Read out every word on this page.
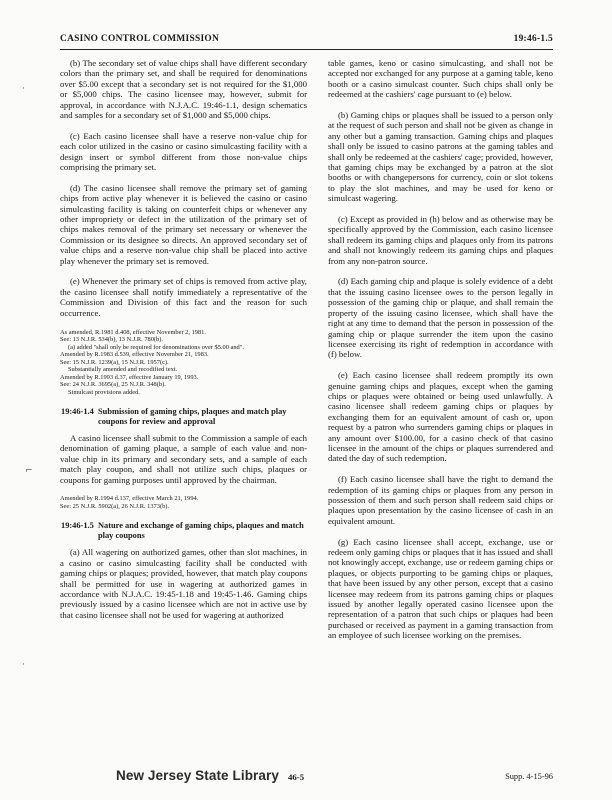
CASINO CONTROL COMMISSION	19:46-1.5
·
⌐
·

(b) The secondary set of value chips shall have different secondary colors than the primary set, and shall be required for denominations over $5.00 except that a secondary set is not required for the $1,000 or $5,000 chips. The casino licensee may, however, submit for approval, in accordance with N.J.A.C. 19:46-1.1, design schematics and samples for a secondary set of $1,000 and $5,000 chips.

(c) Each casino licensee shall have a reserve non-value chip for each color utilized in the casino or casino simulcasting facility with a design insert or symbol different from those non-value chips comprising the primary set.

(d) The casino licensee shall remove the primary set of gaming chips from active play whenever it is believed the casino or casino simulcasting facility is taking on counterfeit chips or whenever any other impropriety or defect in the utilization of the primary set of chips makes removal of the primary set necessary or whenever the Commission or its designee so directs. An approved secondary set of value chips and a reserve non-value chip shall be placed into active play whenever the primary set is removed.

(e) Whenever the primary set of chips is removed from active play, the casino licensee shall notify immediately a representative of the Commission and Division of this fact and the reason for such occurrence.

As amended, R.1981 d.408, effective November 2, 1981.

See: 13 N.J.R. 534(b), 13 N.J.R. 780(b).

(a) added "shall only be required for denominations over $5.00 and".

Amended by R.1983 d.539, effective November 21, 1983.

See: 15 N.J.R. 1239(a), 15 N.J.R. 1957(c).

Substantially amended and recodified text.

Amended by R.1993 d.37, effective January 19, 1993.

See: 24 N.J.R. 3695(a), 25 N.J.R. 348(b).

Simulcast provisions added.

19:46-1.4 Submission of gaming chips, plaques and match play coupons for review and approval

A casino licensee shall submit to the Commission a sample of each denomination of gaming plaque, a sample of each value and non-value chip in its primary and secondary sets, and a sample of each match play coupon, and shall not utilize such chips, plaques or coupons for gaming purposes until approved by the chairman.

Amended by R.1994 d.137, effective March 21, 1994.

See: 25 N.J.R. 5902(a), 26 N.J.R. 1373(b).

19:46-1.5 Nature and exchange of gaming chips, plaques and match play coupons

(a) All wagering on authorized games, other than slot machines, in a casino or casino simulcasting facility shall be conducted with gaming chips or plaques; provided, however, that match play coupons shall be permitted for use in wagering at authorized games in accordance with N.J.A.C. 19:45-1.18 and 19:45-1.46. Gaming chips previously issued by a casino licensee which are not in active use by that casino licensee shall not be used for wagering at authorized

table games, keno or casino simulcasting, and shall not be accepted nor exchanged for any purpose at a gaming table, keno booth or a casino simulcast counter. Such chips shall only be redeemed at the cashiers' cage pursuant to (e) below.

(b) Gaming chips or plaques shall be issued to a person only at the request of such person and shall not be given as change in any other but a gaming transaction. Gaming chips and plaques shall only be issued to casino patrons at the gaming tables and shall only be redeemed at the cashiers' cage; provided, however, that gaming chips may be exchanged by a patron at the slot booths or with changepersons for currency, coin or slot tokens to play the slot machines, and may be used for keno or simulcast wagering.

(c) Except as provided in (h) below and as otherwise may be specifically approved by the Commission, each casino licensee shall redeem its gaming chips and plaques only from its patrons and shall not knowingly redeem its gaming chips and plaques from any non-patron source.

(d) Each gaming chip and plaque is solely evidence of a debt that the issuing casino licensee owes to the person legally in possession of the gaming chip or plaque, and shall remain the property of the issuing casino licensee, which shall have the right at any time to demand that the person in possession of the gaming chip or plaque surrender the item upon the casino licensee exercising its right of redemption in accordance with (f) below.

(e) Each casino licensee shall redeem promptly its own genuine gaming chips and plaques, except when the gaming chips or plaques were obtained or being used unlawfully. A casino licensee shall redeem gaming chips or plaques by exchanging them for an equivalent amount of cash or, upon request by a patron who surrenders gaming chips or plaques in any amount over $100.00, for a casino check of that casino licensee in the amount of the chips or plaques surrendered and dated the day of such redemption.

(f) Each casino licensee shall have the right to demand the redemption of its gaming chips or plaques from any person in possession of them and such person shall redeem said chips or plaques upon presentation by the casino licensee of cash in an equivalent amount.

(g) Each casino licensee shall accept, exchange, use or redeem only gaming chips or plaques that it has issued and shall not knowingly accept, exchange, use or redeem gaming chips or plaques, or objects purporting to be gaming chips or plaques, that have been issued by any other person, except that a casino licensee may redeem from its patrons gaming chips or plaques issued by another legally operated casino licensee upon the representation of a patron that such chips or plaques had been purchased or received as payment in a gaming transaction from an employee of such licensee working on the premises.

New Jersey State Library 46-5	Supp. 4-15-96
